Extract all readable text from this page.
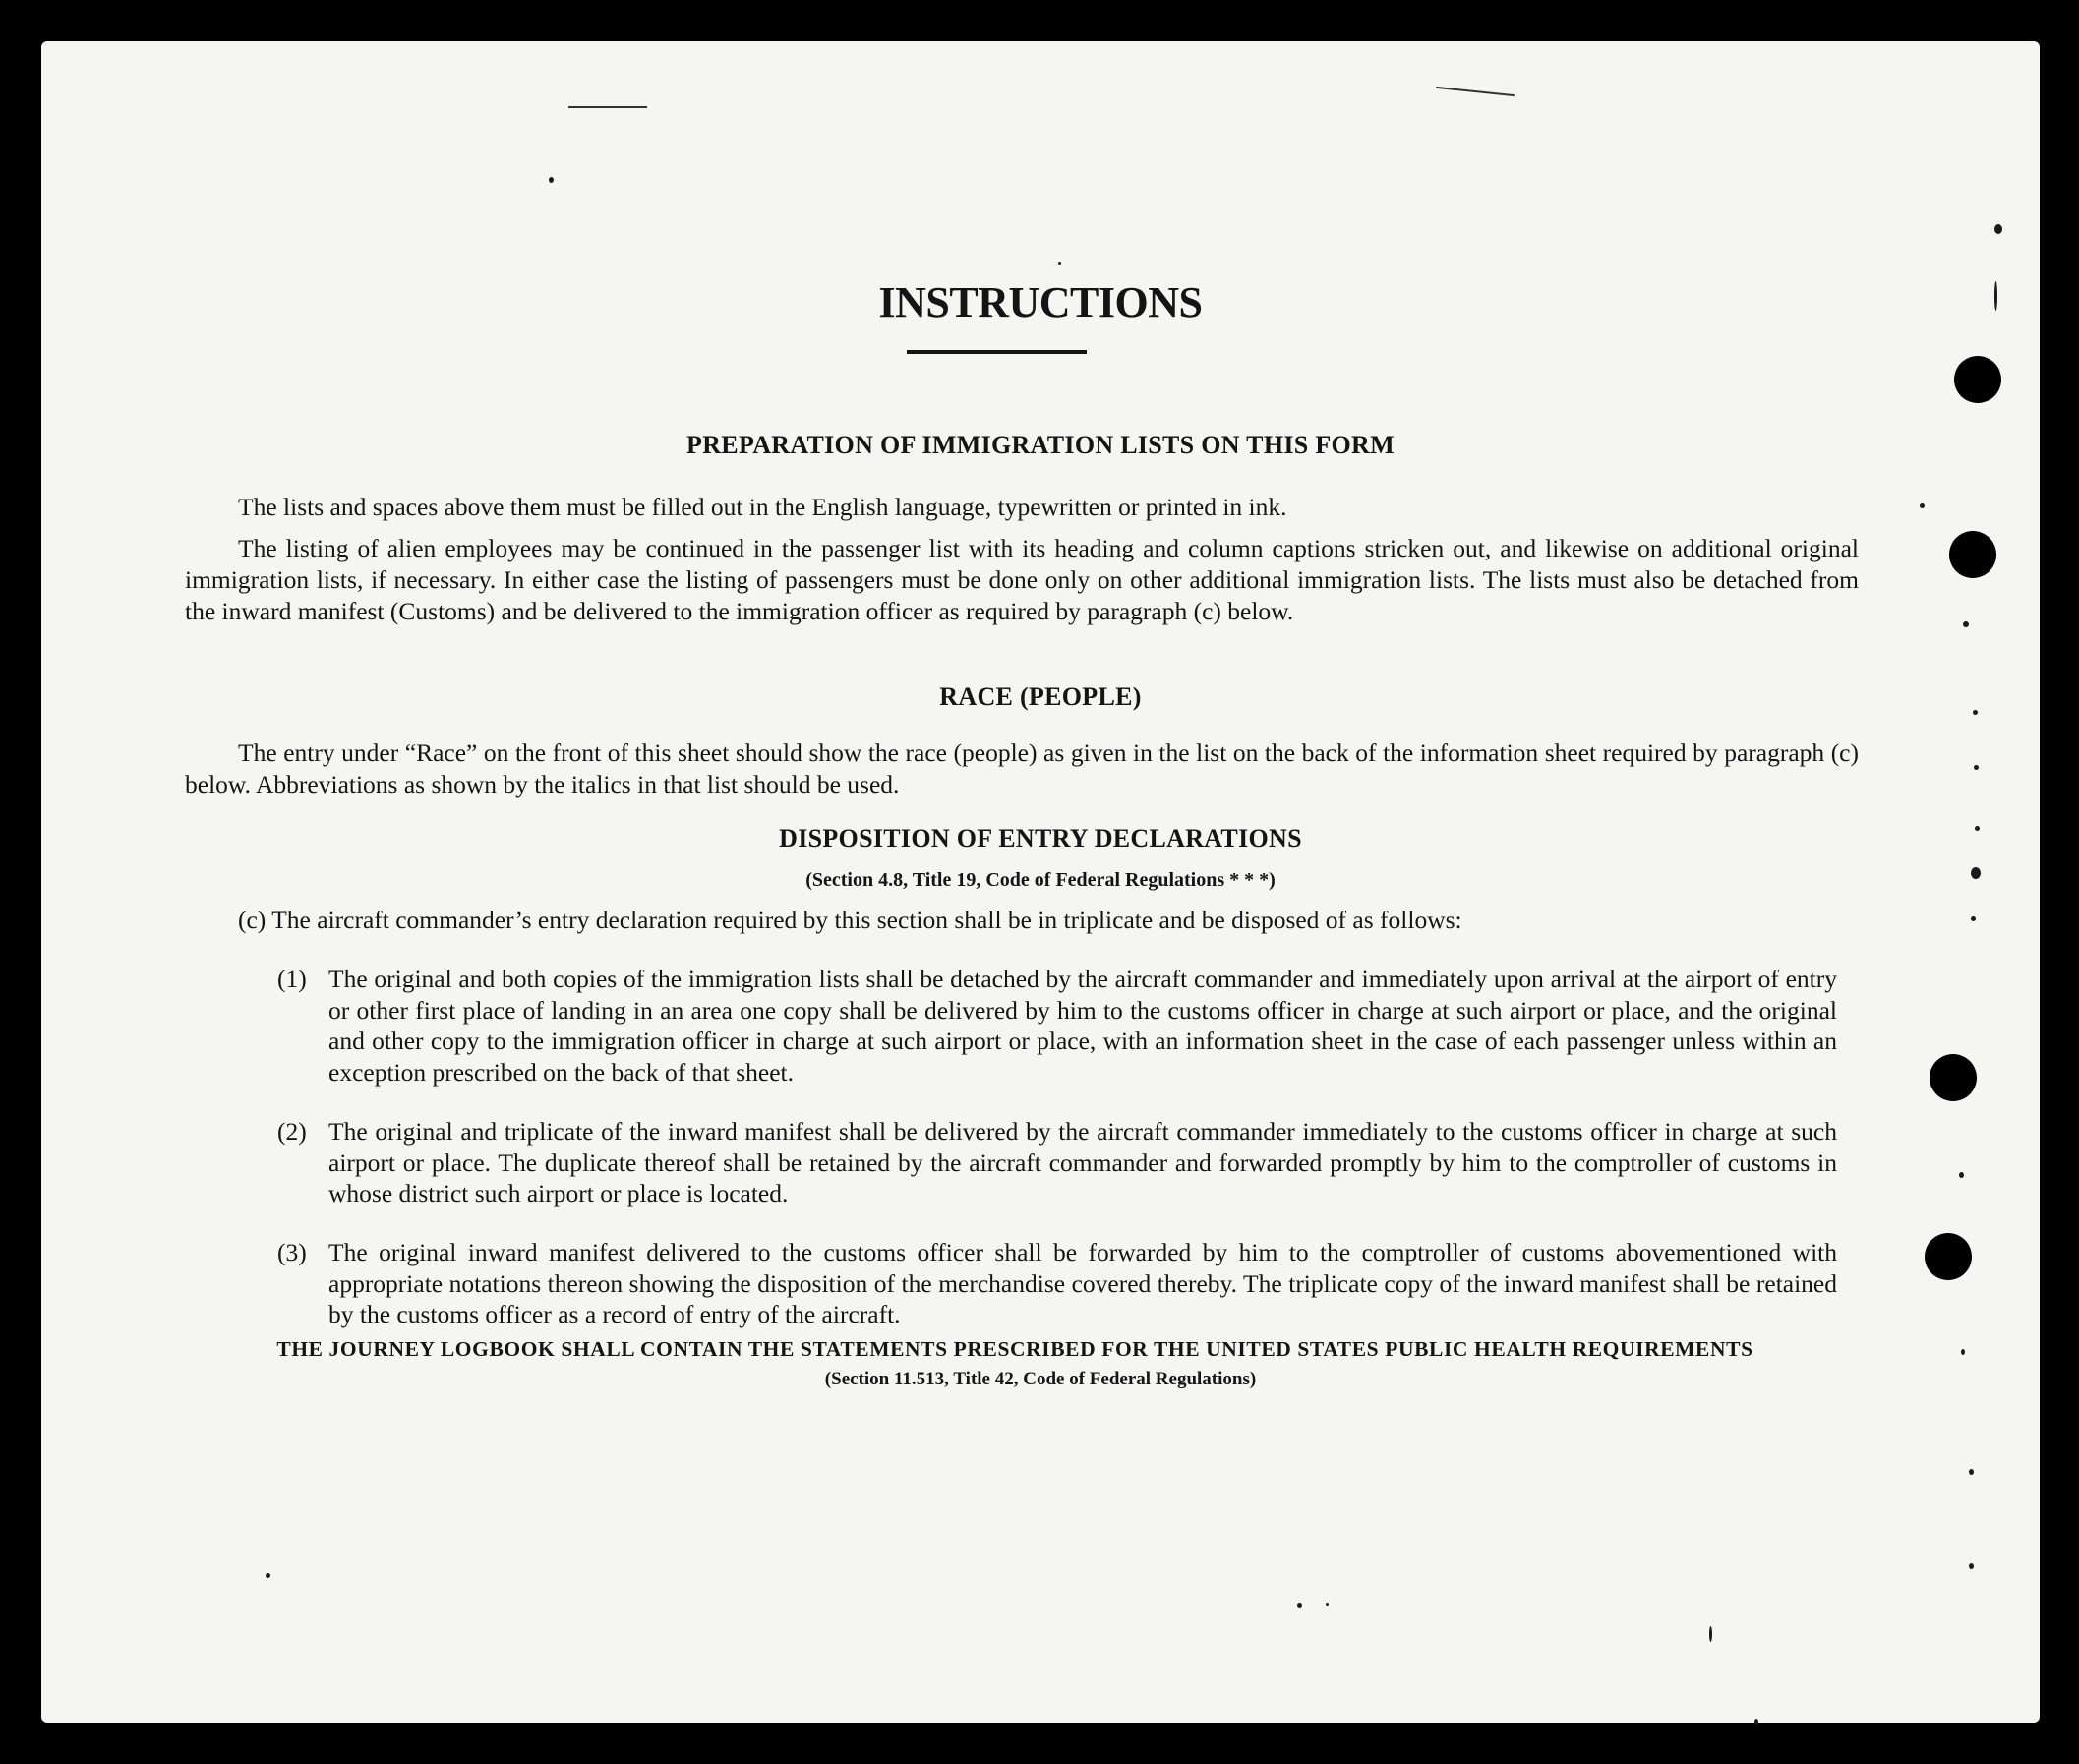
INSTRUCTIONS
PREPARATION OF IMMIGRATION LISTS ON THIS FORM

The lists and spaces above them must be filled out in the English language, typewritten or printed in ink.

The listing of alien employees may be continued in the passenger list with its heading and column captions stricken out, and likewise on additional original immigration lists, if necessary. In either case the listing of passengers must be done only on other additional immigration lists. The lists must also be detached from the inward manifest (Customs) and be delivered to the immigration officer as required by paragraph (c) below.

RACE (PEOPLE)

The entry under “Race” on the front of this sheet should show the race (people) as given in the list on the back of the information sheet required by paragraph (c) below. Abbreviations as shown by the italics in that list should be used.

DISPOSITION OF ENTRY DECLARATIONS
(Section 4.8, Title 19, Code of Federal Regulations * * *)
(c) The aircraft commander’s entry declaration required by this section shall be in triplicate and be disposed of as follows:
(1) The original and both copies of the immigration lists shall be detached by the aircraft commander and immediately upon arrival at the airport of entry or other first place of landing in an area one copy shall be delivered by him to the customs officer in charge at such airport or place, and the original and other copy to the immigration officer in charge at such airport or place, with an information sheet in the case of each passenger unless within an exception prescribed on the back of that sheet.
(2) The original and triplicate of the inward manifest shall be delivered by the aircraft commander immediately to the customs officer in charge at such airport or place. The duplicate thereof shall be retained by the aircraft commander and forwarded promptly by him to the comptroller of customs in whose district such airport or place is located.
(3) The original inward manifest delivered to the customs officer shall be forwarded by him to the comptroller of customs abovementioned with appropriate notations thereon showing the disposition of the merchandise covered thereby. The triplicate copy of the inward manifest shall be retained by the customs officer as a record of entry of the aircraft.
THE JOURNEY LOGBOOK SHALL CONTAIN THE STATEMENTS PRESCRIBED FOR THE UNITED STATES PUBLIC HEALTH REQUIREMENTS
(Section 11.513, Title 42, Code of Federal Regulations)
